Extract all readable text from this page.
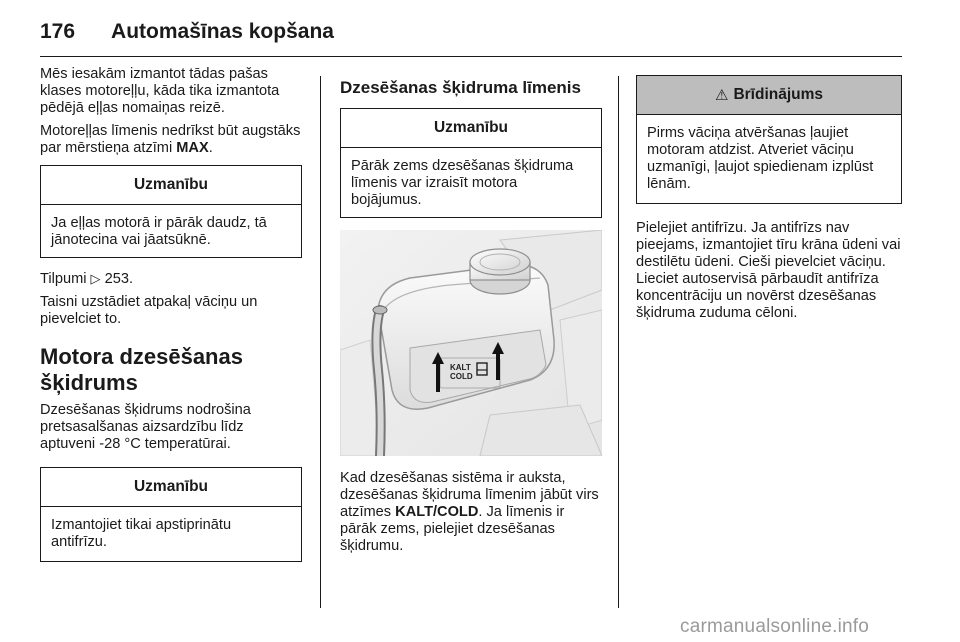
176 Automašīnas kopšana

Mēs iesakām izmantot tādas pašas klases motoreļļu, kāda tika izmantota pēdējā eļļas nomaiņas reizē.

Motoreļļas līmenis nedrīkst būt augstāks par mērstieņa atzīmi MAX.

Uzmanību

Ja eļļas motorā ir pārāk daudz, tā jānotecina vai jāatsūknē.

Tilpumi ▷ 253.

Taisni uzstādiet atpakaļ vāciņu un pievelciet to.

Motora dzesēšanas šķidrums

Dzesēšanas šķidrums nodrošina pretsasalšanas aizsardzību līdz aptuveni -28 °C temperatūrai.

Uzmanību

Izmantojiet tikai apstiprinātu antifrīzu.

Dzesēšanas šķidruma līmenis
Uzmanību

Pārāk zems dzesēšanas šķidruma līmenis var izraisīt motora bojājumus.

KALT
COLD

Kad dzesēšanas sistēma ir auksta, dzesēšanas šķidruma līmenim jābūt virs atzīmes KALT/COLD. Ja līmenis ir pārāk zems, pielejiet dzesēšanas šķidrumu.

⚠ Brīdinājums

Pirms vāciņa atvēršanas ļaujiet motoram atdzist. Atveriet vāciņu uzmanīgi, ļaujot spiedienam izplūst lēnām.

Pielejiet antifrīzu. Ja antifrīzs nav pieejams, izmantojiet tīru krāna ūdeni vai destilētu ūdeni. Cieši pievelciet vāciņu. Lieciet autoservisā pārbaudīt antifrīza koncentrāciju un novērst dzesēšanas šķidruma zuduma cēloni.

carmanualsonline.info
